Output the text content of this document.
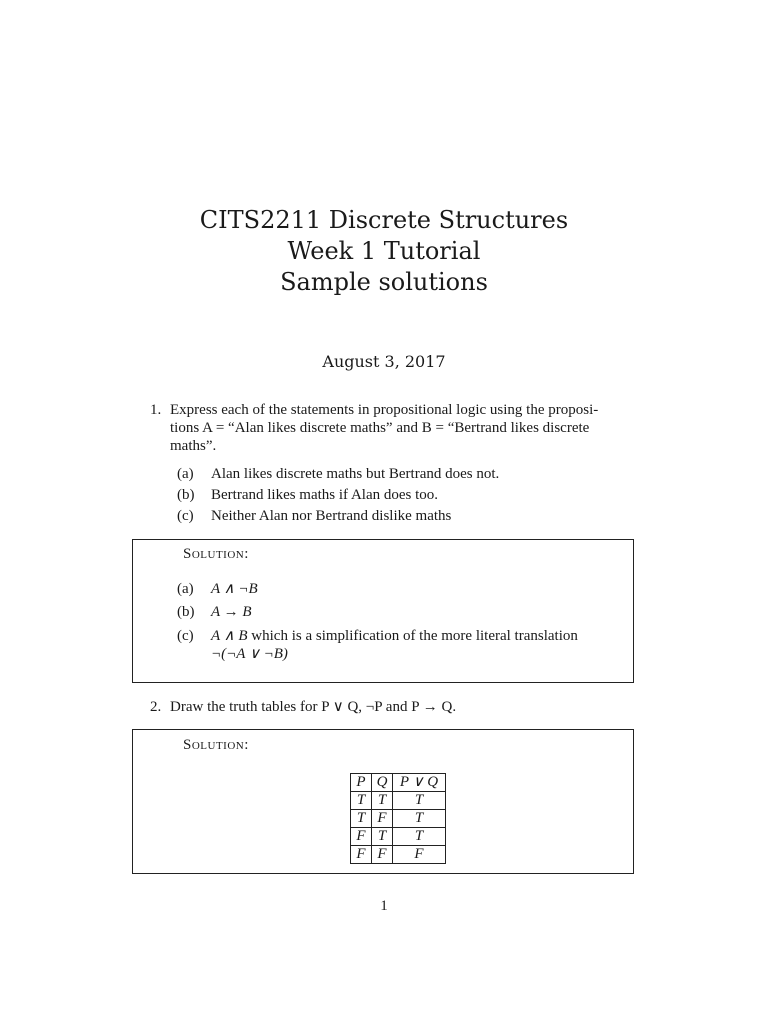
CITS2211 Discrete Structures
Week 1 Tutorial
Sample solutions
August 3, 2017
1. Express each of the statements in propositional logic using the proposi-
tions A = “Alan likes discrete maths” and B = “Bertrand likes discrete
maths”.
(a) Alan likes discrete maths but Bertrand does not.
(b) Bertrand likes maths if Alan does too.
(c) Neither Alan nor Bertrand dislike maths
Solution:
(a) A ∧ ¬B
(b) A → B
(c) A ∧ B which is a simplification of the more literal translation
¬(¬A ∨ ¬B)
2. Draw the truth tables for P ∨ Q, ¬P and P → Q.
Solution:
P	Q	P ∨ Q
T	T	T
T	F	T
F	T	T
F	F	F
1
